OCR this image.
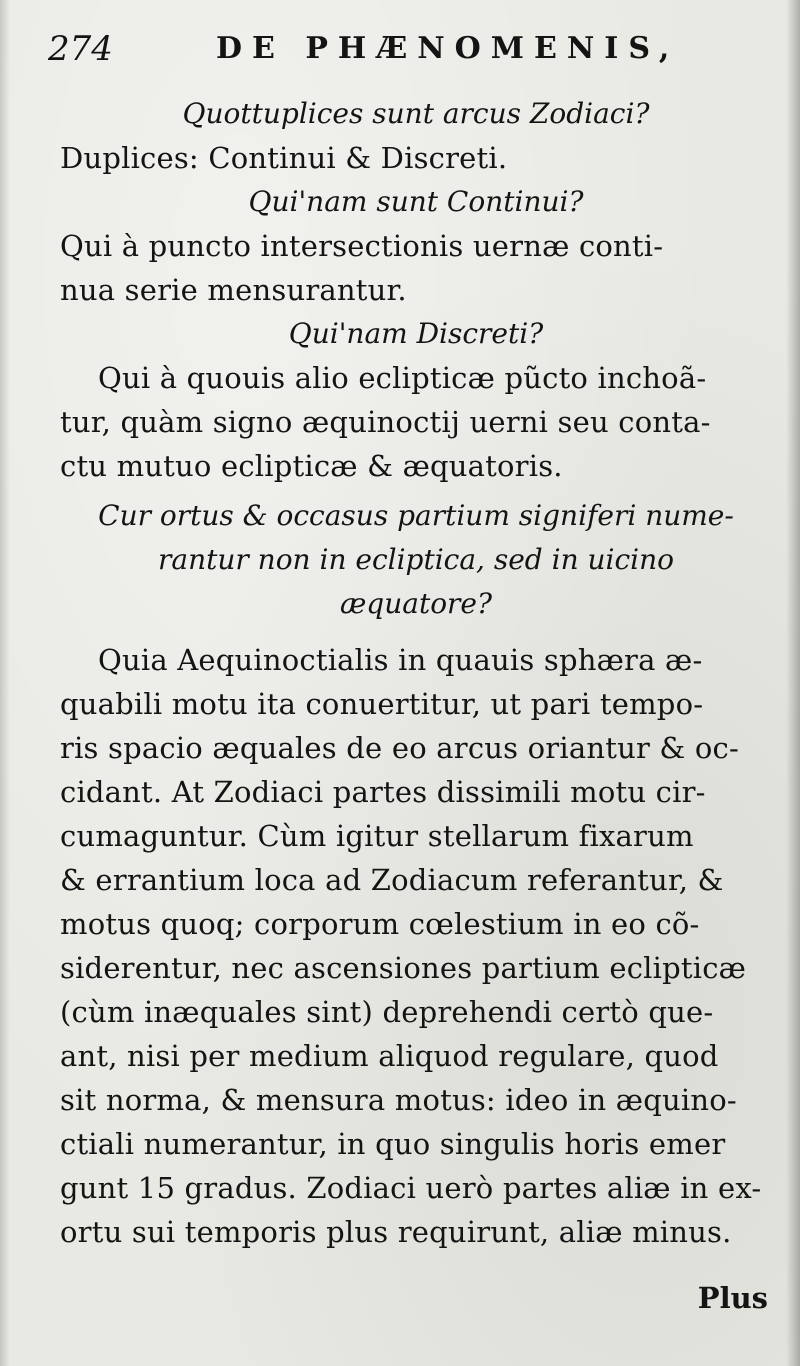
274	DE PHÆNOMENIS,
Quottuplices sunt arcus Zodiaci?
Duplices: Continui & Discreti.
Qui'nam sunt Continui?
Qui à puncto intersectionis uernæ conti-
nua serie mensurantur.
Qui'nam Discreti?
Qui à quouis alio eclipticæ pũcto inchoã-
tur, quàm signo æquinoctij uerni seu conta-
ctu mutuo eclipticæ & æquatoris.
Cur ortus & occasus partium signiferi nume-
rantur non in ecliptica, sed in uicino
æquatore?
Quia Aequinoctialis in quauis sphæra æ-
quabili motu ita conuertitur, ut pari tempo-
ris spacio æquales de eo arcus oriantur & oc-
cidant. At Zodiaci partes dissimili motu cir-
cumaguntur. Cùm igitur stellarum fixarum
& errantium loca ad Zodiacum referantur, &
motus quoq; corporum cœlestium in eo cõ-
siderentur, nec ascensiones partium eclipticæ
(cùm inæquales sint) deprehendi certò que-
ant, nisi per medium aliquod regulare, quod
sit norma, & mensura motus: ideo in æquino-
ctiali numerantur, in quo singulis horis emer
gunt 15 gradus. Zodiaci uerò partes aliæ in ex-
ortu sui temporis plus requirunt, aliæ minus.
Plus
